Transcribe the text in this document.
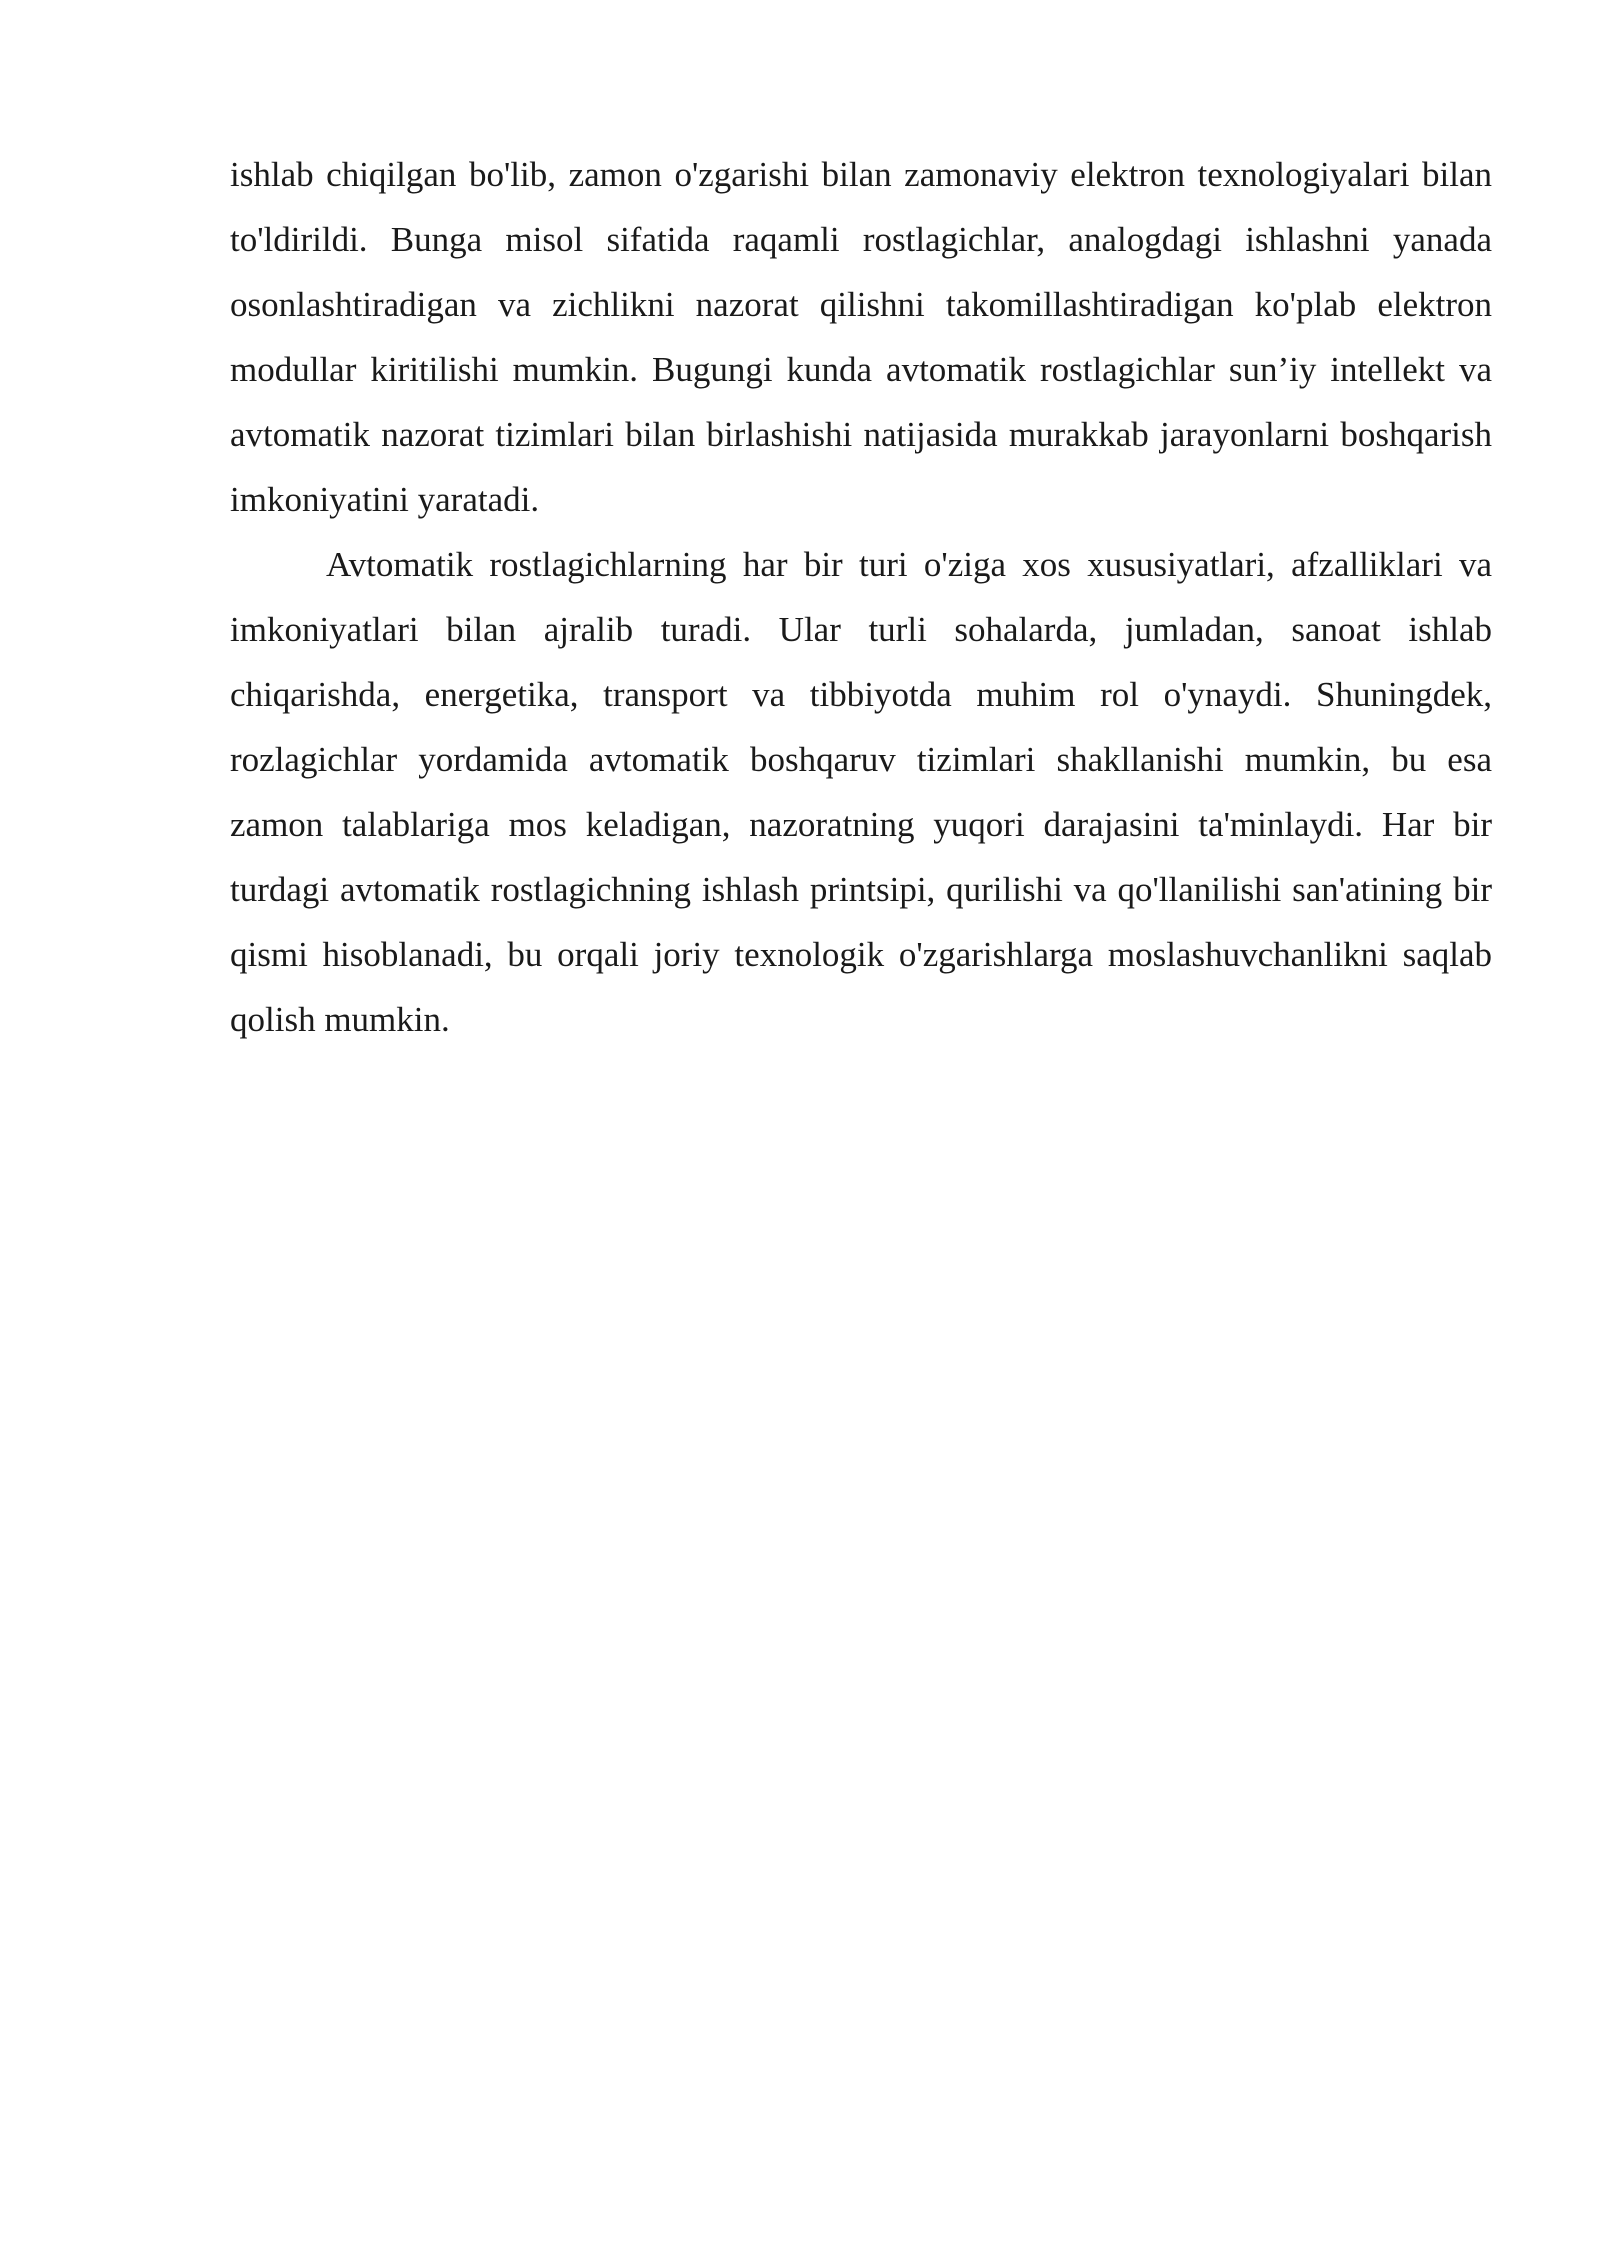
ishlab chiqilgan bo'lib, zamon o'zgarishi bilan zamonaviy elektron texnologiyalari bilan to'ldirildi. Bunga misol sifatida raqamli rostlagichlar, analogdagi ishlashni yanada osonlashtiradigan va zichlikni nazorat qilishni takomillashtiradigan ko'plab elektron modullar kiritilishi mumkin. Bugungi kunda avtomatik rostlagichlar sun’iy intellekt va avtomatik nazorat tizimlari bilan birlashishi natijasida murakkab jarayonlarni boshqarish imkoniyatini yaratadi.

Avtomatik rostlagichlarning har bir turi o'ziga xos xususiyatlari, afzalliklari va imkoniyatlari bilan ajralib turadi. Ular turli sohalarda, jumladan, sanoat ishlab chiqarishda, energetika, transport va tibbiyotda muhim rol o'ynaydi. Shuningdek, rozlagichlar yordamida avtomatik boshqaruv tizimlari shakllanishi mumkin, bu esa zamon talablariga mos keladigan, nazoratning yuqori darajasini ta'minlaydi. Har bir turdagi avtomatik rostlagichning ishlash printsipi, qurilishi va qo'llanilishi san'atining bir qismi hisoblanadi, bu orqali joriy texnologik o'zgarishlarga moslashuvchanlikni saqlab qolish mumkin.
